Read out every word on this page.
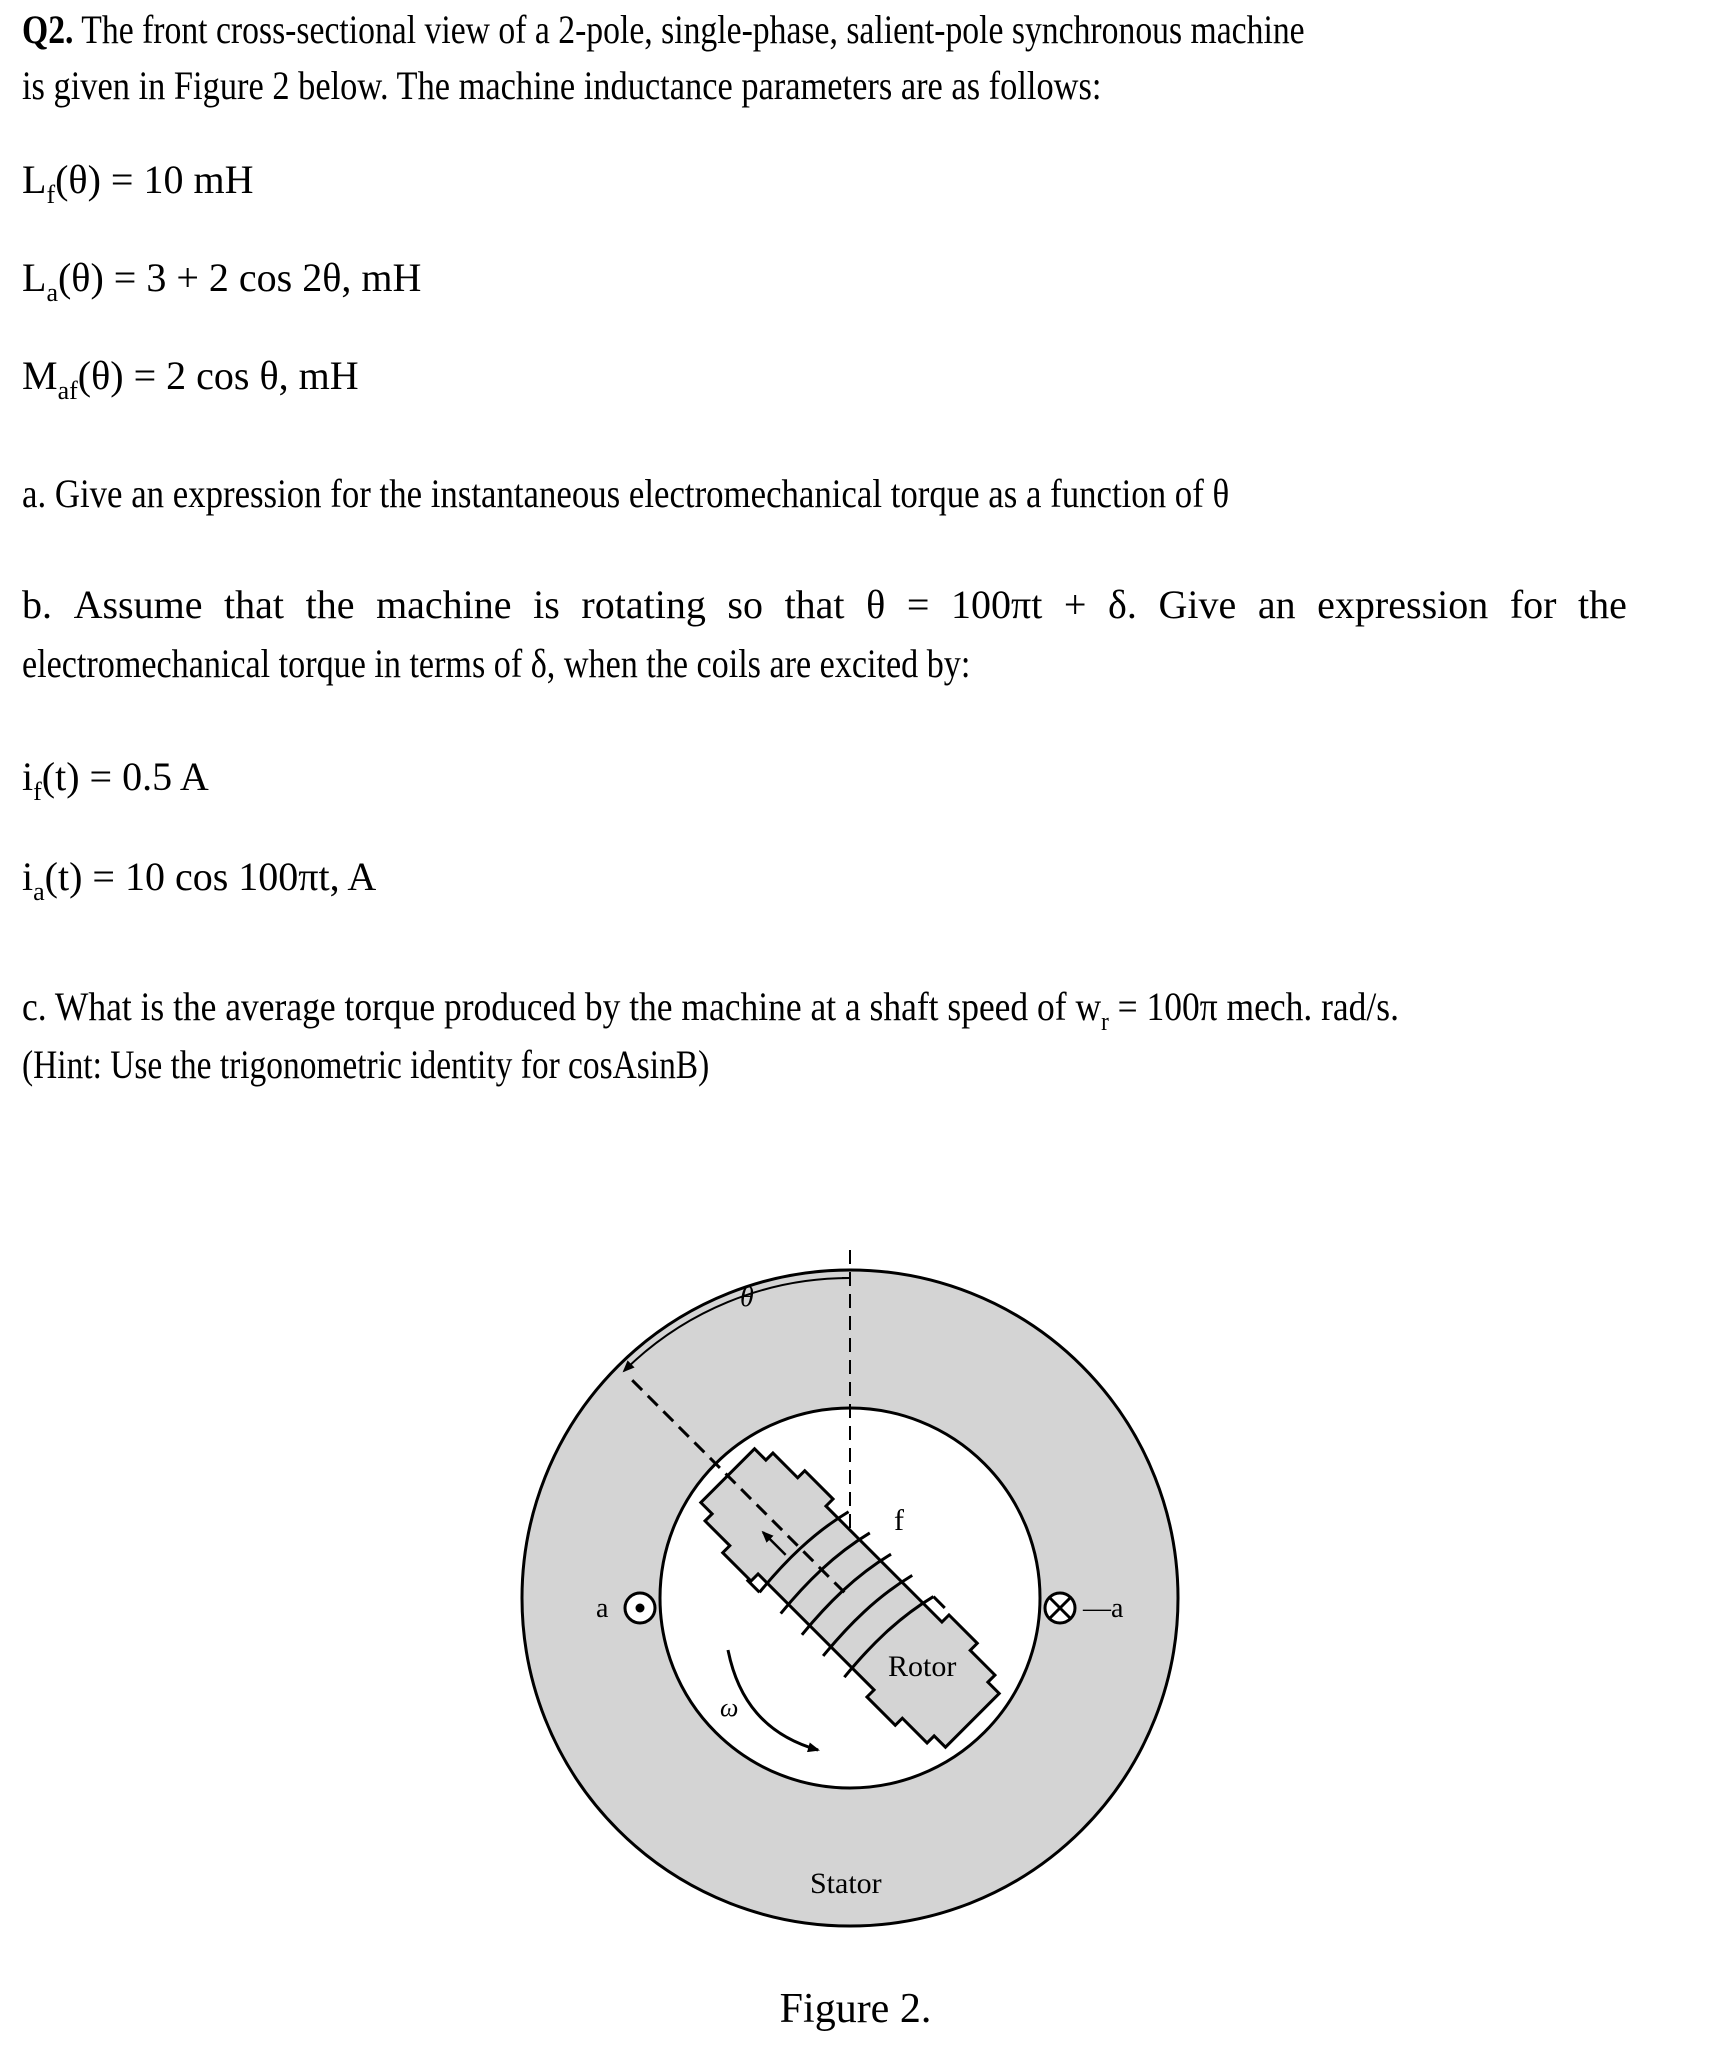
Q2. The front cross-sectional view of a 2-pole, single-phase, salient-pole synchronous machine
is given in Figure 2 below. The machine inductance parameters are as follows:
$L_f(\theta) = 10$ mH
$L_a(\theta) = 3 + 2$ cos 2θ, mH
$M_{af}(\theta) = 2$ cos θ, mH
a. Give an expression for the instantaneous electromechanical torque as a function of θ
b. Assume that the machine is rotating so that θ = 100πt + δ. Give an expression for the
electromechanical torque in terms of δ, when the coils are excited by:
$i_f(t) = 0.5$ A
$i_a(t) = 10$ cos 100πt, A
c. What is the average torque produced by the machine at a shaft speed of $w_r = 100\pi$ mech. rad/s.
(Hint: Use the trigonometric identity for cosAsinB)
θ
f
a	—a
Rotor
ω
Stator
Figure 2.
